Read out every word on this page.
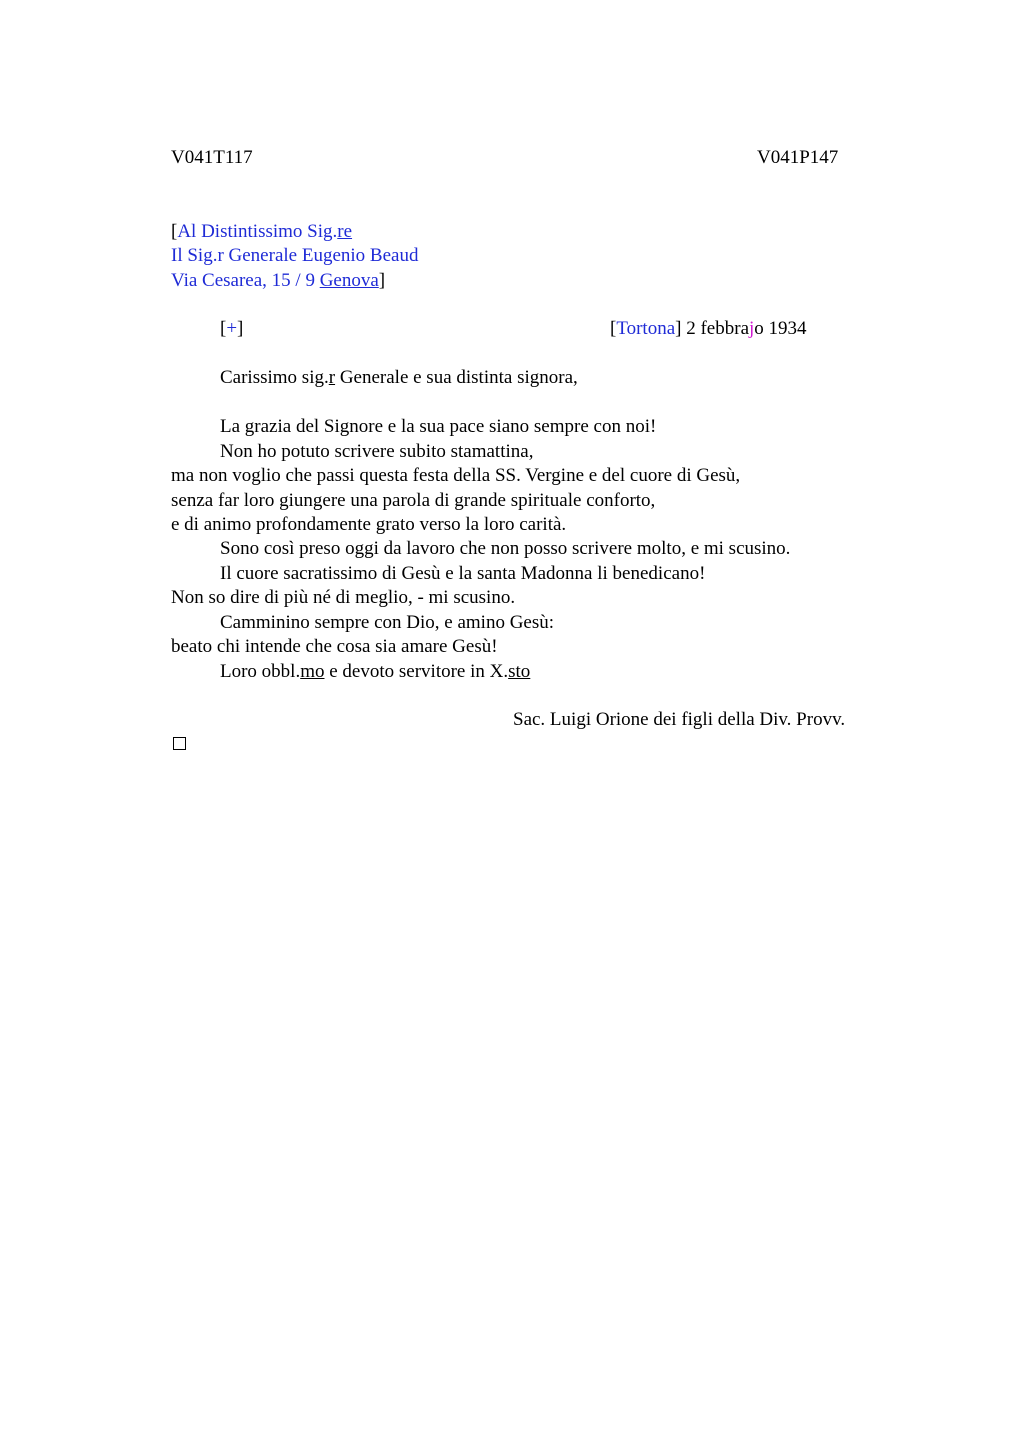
V041T117	V041P147
[Al Distintissimo Sig.re
Il Sig.r Generale Eugenio Beaud
Via Cesarea, 15 / 9 Genova]
[+]	[Tortona] 2 febbrajo 1934
Carissimo sig.r Generale e sua distinta signora,
La grazia del Signore e la sua pace siano sempre con noi!
Non ho potuto scrivere subito stamattina,
ma non voglio che passi questa festa della SS. Vergine e del cuore di Gesù,
senza far loro giungere una parola di grande spirituale conforto,
e di animo profondamente grato verso la loro carità.
Sono così preso oggi da lavoro che non posso scrivere molto, e mi scusino.
Il cuore sacratissimo di Gesù e la santa Madonna li benedicano!
Non so dire di più né di meglio, - mi scusino.
Camminino sempre con Dio, e amino Gesù:
beato chi intende che cosa sia amare Gesù!
Loro obbl.mo e devoto servitore in X.sto
Sac. Luigi Orione dei figli della Div. Provv.
